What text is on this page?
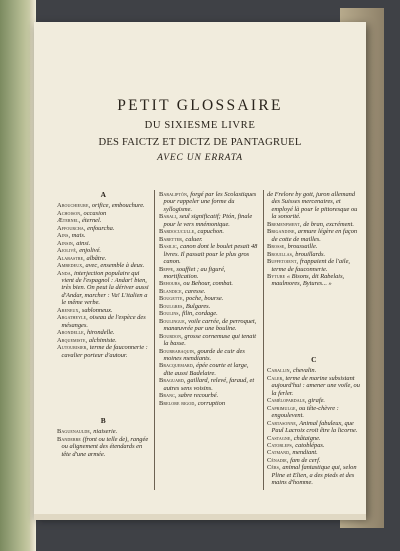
PETIT GLOSSAIRE
DU SIXIESME LIVRE
DES FAICTZ ET DICTZ DE PANTAGRUEL
AVEC UN ERRATA
A

Abouchieure, orifice, embouchure.

Achoison, occasion

Æternel, éternel.

Affourcha, enfourcha.

Ains, mais.

Ainsin, ainsi.

Ajolivé, enjolivé.

Alabastre, albâtre.

Ambedeux, avec, ensemble à deux.

Anda, interjection populaire qui vient de l'espagnol : Andar! bien, très bien. On peut la dériver aussi d'Andar, marcher : Va! L'italien a le même verbe.

Areneux, sablonneux.

Argatheyle, oiseau de l'espèce des mésanges.

Arondelle, hirondelle.

Arquemiste, alchimiste.

Autourisier, terme de fauconnerie : cavalier porteur d'autour.

B

Baguenaulde, niaiserie.

Banderre (front ou telle de), rangée ou alignement des étendards en tête d'une armée.

Baraliptón, forgé par les Scolastiques pour rappeler une forme du syllogisme.

Barali, seul significatif; Ptón, finale pour le vers mnémonique.

Bardocuculle, capuchon.

Baretter, caluer.

Basilic, canon dont le boulet pesait 48 livres. Il passait pour le plus gros canon.

Beppe, souffiet ; au figuré, mortification.

Behours, ou Behour, combat.

Blandice, caresse.

Bougette, poche, bourse.

Boulgres, Bulgares.

Boulins, filin, cordage.

Boulingue, voile carrée, de perroquet, manœuvrée par une bouline.

Bourdon, grosse cornemuse qui tenait la basse.

Bourrabaquin, gourde de cuir des moines mendiants.

Bracquemard, épée courte et large, dite aussi Badelaire.

Braguard, gaillard, relevé, faraud, et autres sens voisins.

Branc, sabre recourbé.

Brelore bigod, corruption

de Frelore by gott, juron allemand des Suisses mercenaires, et employé là pour le pittoresque ou la sonorité.

Bremenfment, de bran, excrément.

Brigandine, armure légère en façon de cotte de mailles.

Brosse, broussaille.

Brouillas, brouillards.

Buffetoient, frappaient de l'aile, terme de fauconnerie.

Byture « Bisons, dit Rabelais, maulmores, Bytures... »

C

Caballin, chevalin.

Caler, terme de marine subsistant aujourd'hui : amener une voile, ou la ferler.

Camélopardale, girafe.

Caprimulge, ou tête-chèvre : engoulevent.

Cartasonne, Animal fabuleux, que Paul Lacroix croit être la licorne.

Castagne, châtaigne.

Catobleps, catoblépas.

Catmand, mendiant.

Cénadie, fam de cerf.

Cérs, animal fantastique qui, selon Pline et Elien, a des pieds et des mains d'homme.
